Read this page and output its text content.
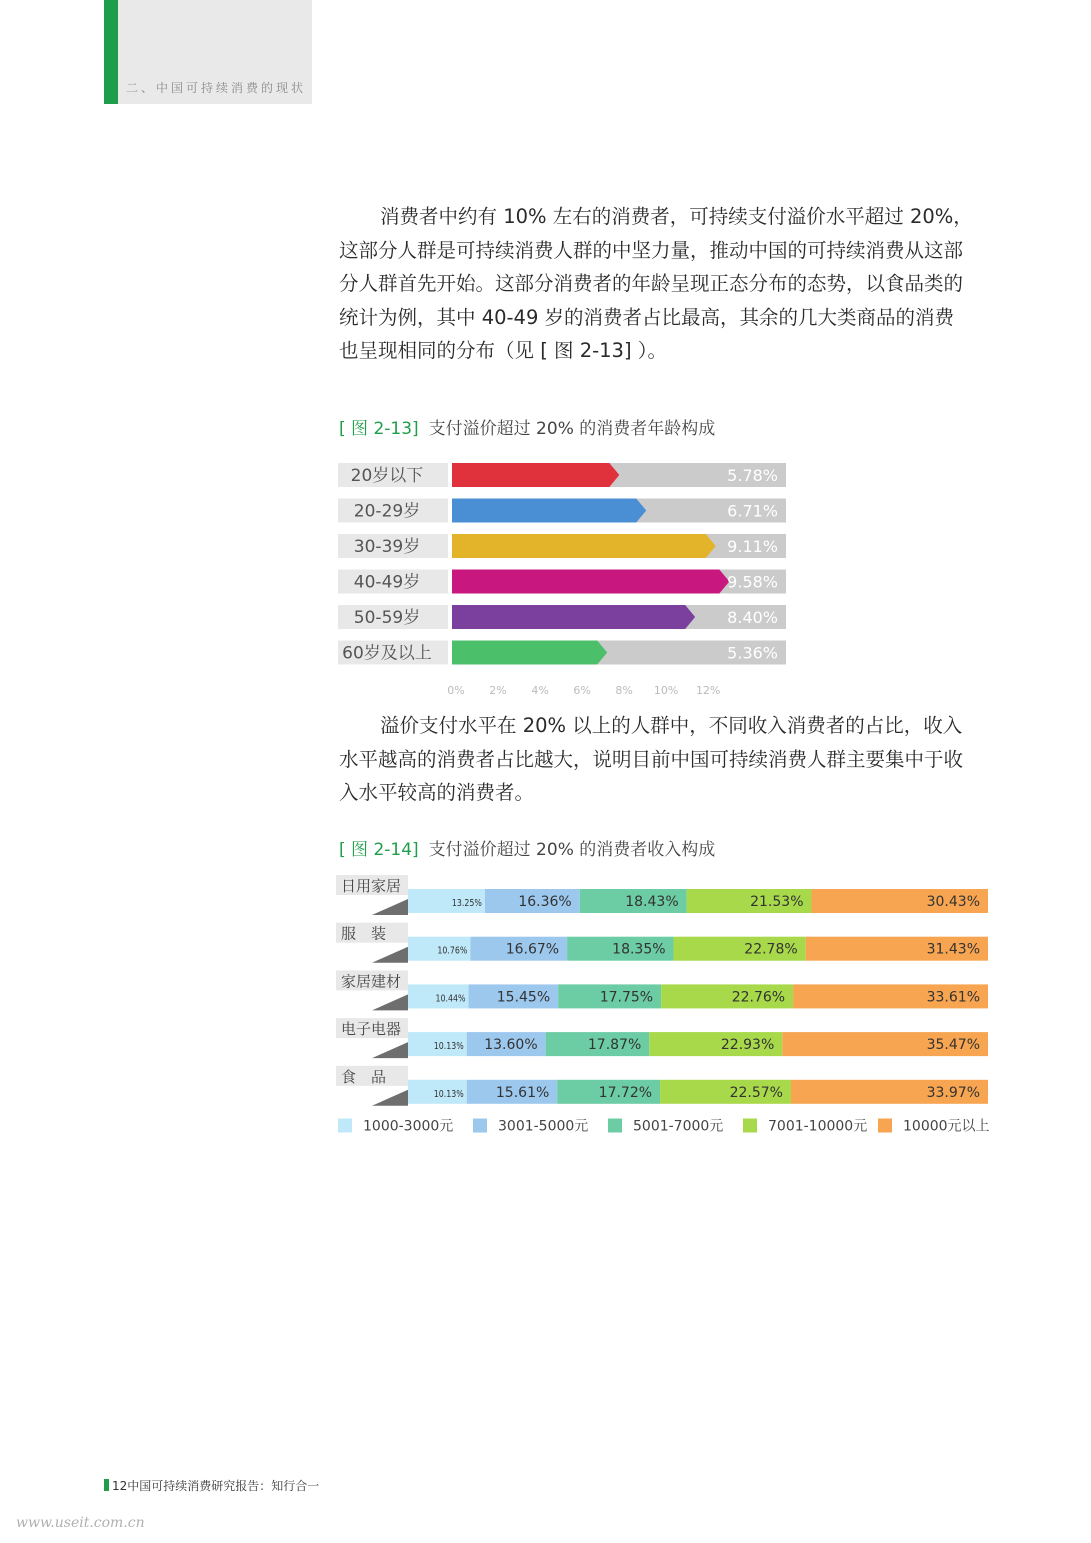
二、中国可持续消费的现状
消费者中约有 10% 左右的消费者，可持续支付溢价水平超过 20%，
这部分人群是可持续消费人群的中坚力量，推动中国的可持续消费从这部
分人群首先开始。这部分消费者的年龄呈现正态分布的态势，以食品类的
统计为例，其中 40-49 岁的消费者占比最高，其余的几大类商品的消费
也呈现相同的分布（见 [ 图 2-13] ）。
[ 图 2-13] 支付溢价超过 20% 的消费者年龄构成
20岁以下	5.78%
20-29岁	6.71%
30-39岁	9.11%
40-49岁	9.58%
50-59岁	8.40%
60岁及以上	5.36%
0% 2% 4% 6% 8% 10% 12%
溢价支付水平在 20% 以上的人群中，不同收入消费者的占比，收入
水平越高的消费者占比越大，说明目前中国可持续消费人群主要集中于收
入水平较高的消费者。
[ 图 2-14] 支付溢价超过 20% 的消费者收入构成
日用家居
13.25%	16.36%	18.43%	21.53%	30.43%
服　装
10.76%	16.67%	18.35%	22.78%	31.43%
家居建材
10.44% 15.45%	17.75%	22.76%	33.61%
电子电器
10.13% 13.60%	17.87%	22.93%	35.47%
食　品
10.13% 15.61%	17.72%	22.57%	33.97%
1000-3000元	3001-5000元	5001-7000元	7001-10000元	10000元以上
12中国可持续消费研究报告：知行合一
www.useit.com.cn
